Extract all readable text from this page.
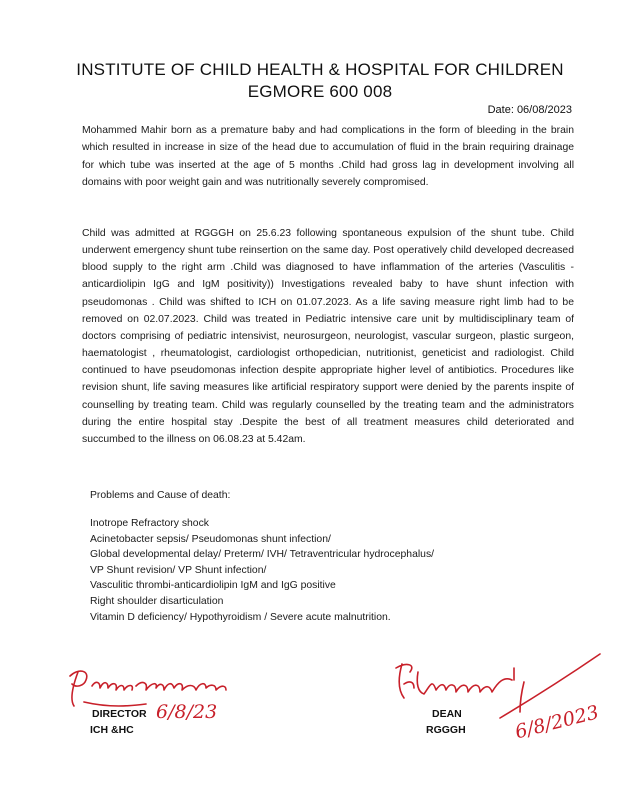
INSTITUTE OF CHILD HEALTH & HOSPITAL FOR CHILDREN
EGMORE 600 008
Date: 06/08/2023
Mohammed Mahir born as a premature baby and had complications in the form of bleeding in the brain which resulted in increase in size of the head due to accumulation of fluid in the brain requiring drainage for which tube was inserted at the age of 5 months .Child had gross lag in development involving all domains with poor weight gain and was nutritionally severely compromised.
Child was admitted at RGGGH on 25.6.23 following spontaneous expulsion of the shunt tube. Child underwent emergency shunt tube reinsertion on the same day. Post operatively child developed decreased blood supply to the right arm .Child was diagnosed to have inflammation of the arteries (Vasculitis -anticardiolipin IgG and IgM positivity)) Investigations revealed baby to have shunt infection with pseudomonas . Child was shifted to ICH on 01.07.2023. As a life saving measure right limb had to be removed on 02.07.2023. Child was treated in Pediatric intensive care unit by multidisciplinary team of doctors comprising of pediatric intensivist, neurosurgeon, neurologist, vascular surgeon, plastic surgeon, haematologist , rheumatologist, cardiologist orthopedician, nutritionist, geneticist and radiologist. Child continued to have pseudomonas infection despite appropriate higher level of antibiotics. Procedures like revision shunt, life saving measures like artificial respiratory support were denied by the parents inspite of counselling by treating team. Child was regularly counselled by the treating team and the administrators during the entire hospital stay .Despite the best of all treatment measures child deteriorated and succumbed to the illness on 06.08.23 at 5.42am.
Problems and Cause of death:
Inotrope Refractory shock
Acinetobacter sepsis/ Pseudomonas shunt infection/
Global developmental delay/ Preterm/ IVH/ Tetraventricular hydrocephalus/
VP Shunt revision/ VP Shunt infection/
Vasculitic thrombi-anticardiolipin IgM and IgG positive
Right shoulder disarticulation
Vitamin D deficiency/ Hypothyroidism / Severe acute malnutrition.
6/8/23	6/8/2023
DIRECTOR
ICH &HC
DEAN
RGGGH
